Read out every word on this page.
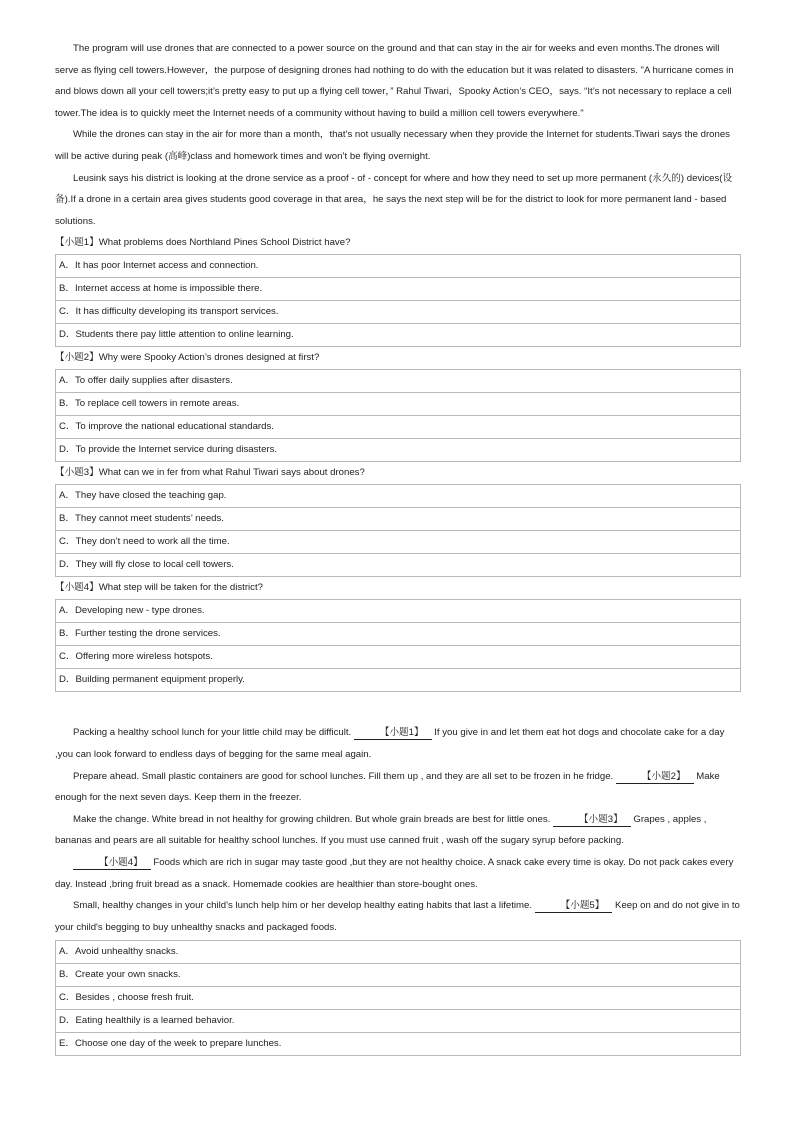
The program will use drones that are connected to a power source on the ground and that can stay in the air for weeks and even months.The drones will serve as flying cell towers.However，the purpose of designing drones had nothing to do with the education but it was related to disasters. "A hurricane comes in and blows down all your cell towers;it’s pretty easy to put up a flying cell tower，” Rahul Tiwari，Spooky Action’s CEO，says. “It’s not necessary to replace a cell tower.The idea is to quickly meet the Internet needs of a community without having to build a million cell towers everywhere."

While the drones can stay in the air for more than a month，that’s not usually necessary when they provide the Internet for students.Tiwari says the drones will be active during peak (高峰)class and homework times and won’t be flying overnight.

Leusink says his district is looking at the drone service as a proof - of - concept for where and how they need to set up more permanent (永久的) devices(设备).If a drone in a certain area gives students good coverage in that area，he says the next step will be for the district to look for more permanent land - based solutions.

【小题1】What problems does Northland Pines School District have?
A．It has poor Internet access and connection.
B．Internet access at home is impossible there.
C．It has difficulty developing its transport services.
D．Students there pay little attention to online learning.
【小题2】Why were Spooky Action’s drones designed at first?
A．To offer daily supplies after disasters.
B．To replace cell towers in remote areas.
C．To improve the national educational standards.
D．To provide the Internet service during disasters.
【小题3】What can we in fer from what Rahul Tiwari says about drones?
A．They have closed the teaching gap.
B．They cannot meet students’ needs.
C．They don’t need to work all the time.
D．They will fly close to local cell towers.
【小题4】What step will be taken for the district?
A．Developing new - type drones.
B．Further testing the drone services.
C．Offering more wireless hotspots.
D．Building permanent equipment properly.

Packing a healthy school lunch for your little child may be difficult.	【小题1】 If you give in and let them eat hot dogs and chocolate cake for a day ,you can look forward to endless days of begging for the same meal again.

Prepare ahead. Small plastic containers are good for school lunches. Fill them up , and they are all set to be frozen in he fridge.	【小题2】 Make enough for the next seven days. Keep them in the freezer.

Make the change. White bread in not healthy for growing children. But whole grain breads are best for little ones.	【小题3】 Grapes , apples , bananas and pears are all suitable for healthy school lunches. If you must use canned fruit , wash off the sugary syrup before packing.

【小题4】 Foods which are rich in sugar may taste good ,but they are not healthy choice. A snack cake every time is okay. Do not pack cakes every day. Instead ,bring fruit bread as a snack. Homemade cookies are healthier than store-bought ones.

Small, healthy changes in your child’s lunch help him or her develop healthy eating habits that last a lifetime.	【小题5】 Keep on and do not give in to your child's begging to buy unhealthy snacks and packaged foods.

A．Avoid unhealthy snacks.
B．Create your own snacks.
C．Besides , choose fresh fruit.
D．Eating healthily is a learned behavior.
E．Choose one day of the week to prepare lunches.
